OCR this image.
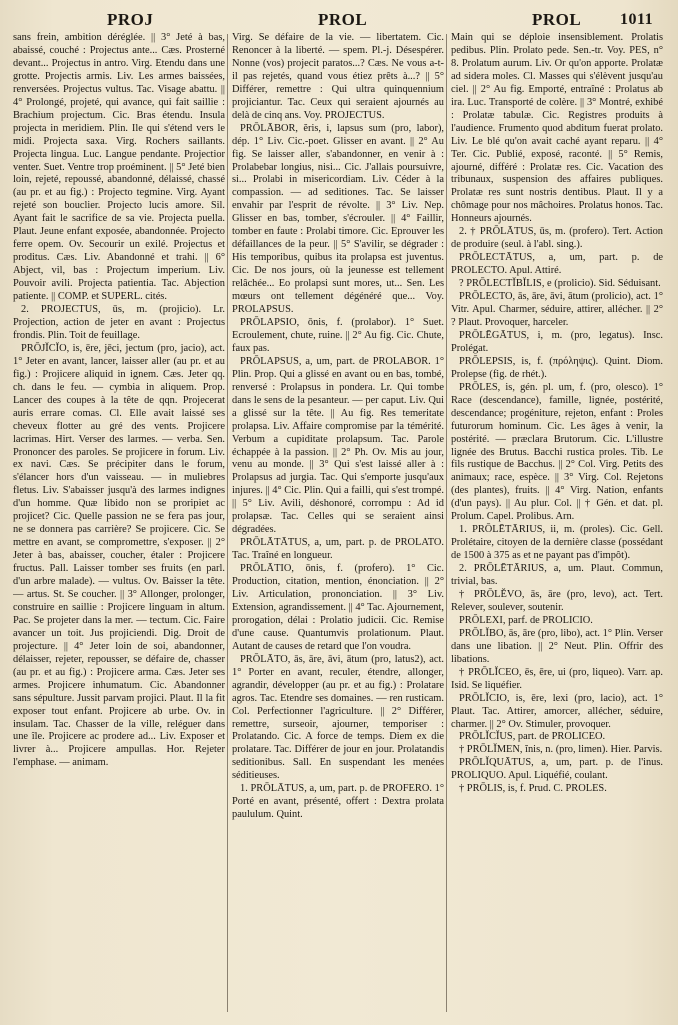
PROJ	PROL	PROL 1011

sans frein, ambition déréglée. || 3° Jeté à bas, abaissé, couché : Projectus ante... Cæs. Prosterné devant... Projectus in antro. Virg. Etendu dans une grotte. Projectis armis. Liv. Les armes baissées, renversées. Projectus vultus. Tac. Visage abattu. || 4° Prolongé, projeté, qui avance, qui fait saillie : Brachium projectum. Cic. Bras étendu. Insula projecta in meridiem. Plin. Ile qui s'étend vers le midi. Projecta saxa. Virg. Rochers saillants. Projecta lingua. Luc. Langue pendante. Projectior venter. Suet. Ventre trop proéminent. || 5° Jeté bien loin, rejeté, repoussé, abandonné, délaissé, chassé (au pr. et au fig.) : Projecto tegmine. Virg. Ayant rejeté son bouclier. Projecto lucis amore. Sil. Ayant fait le sacrifice de sa vie. Projecta puella. Plaut. Jeune enfant exposée, abandonnée. Projecto ferre opem. Ov. Secourir un exilé. Projectus et proditus. Cæs. Liv. Abandonné et trahi. || 6° Abject, vil, bas : Projectum imperium. Liv. Pouvoir avili. Projecta patientia. Tac. Abjection patiente. || COMP. et SUPERL. cités.

2. PROJECTUS, ūs, m. (projicio). Lr. Projection, action de jeter en avant : Projectus frondis. Plin. Toit de feuillage.

PRŌJĬCĬO, is, ēre, jēci, jectum (pro, jacio), act. 1° Jeter en avant, lancer, laisser aller (au pr. et au fig.) : Projicere aliquid in ignem. Cæs. Jeter qq. ch. dans le feu. — cymbia in aliquem. Prop. Lancer des coupes à la tête de qqn. Projecerat auris errare comas. Cl. Elle avait laissé ses cheveux flotter au gré des vents. Projicere lacrimas. Hirt. Verser des larmes. — verba. Sen. Prononcer des paroles. Se projicere in forum. Liv. ex navi. Cæs. Se précipiter dans le forum, s'élancer hors d'un vaisseau. — in muliebres fletus. Liv. S'abaisser jusqu'à des larmes indignes d'un homme. Quæ libido non se proripiet ac projicet? Cic. Quelle passion ne se fera pas jour, ne se donnera pas carrière? Se projicere. Cic. Se mettre en avant, se compromettre, s'exposer. || 2° Jeter à bas, abaisser, coucher, étaler : Projicere fructus. Pall. Laisser tomber ses fruits (en parl. d'un arbre malade). — vultus. Ov. Baisser la tête. — artus. St. Se coucher. || 3° Allonger, prolonger, construire en saillie : Projicere linguam in altum. Pac. Se projeter dans la mer. — tectum. Cic. Faire avancer un toit. Jus projiciendi. Dig. Droit de projecture. || 4° Jeter loin de soi, abandonner, délaisser, rejeter, repousser, se défaire de, chasser (au pr. et au fig.) : Projicere arma. Cæs. Jeter ses armes. Projicere inhumatum. Cic. Abandonner sans sépulture. Jussit parvam projici. Plaut. Il la fit exposer tout enfant. Projicere ab urbe. Ov. in insulam. Tac. Chasser de la ville, reléguer dans une île. Projicere ac prodere ad... Liv. Exposer et livrer à... Projicere ampullas. Hor. Rejeter l'emphase. — animam.

Virg. Se défaire de la vie. — libertatem. Cic. Renoncer à la liberté. — spem. Pl.-j. Désespérer. Nonne (vos) projecit paratos...? Cæs. Ne vous a-t-il pas rejetés, quand vous étiez prêts à...? || 5° Différer, remettre : Qui ultra quinquennium projiciantur. Tac. Ceux qui seraient ajournés au delà de cinq ans. Voy. PROJECTUS.

PRŌLĀBOR, ĕris, i, lapsus sum (pro, labor), dép. 1° Liv. Cic.-poet. Glisser en avant. || 2° Au fig. Se laisser aller, s'abandonner, en venir à : Prolabebar longius, nisi... Cic. J'allais poursuivre, si... Prolabi in misericordiam. Liv. Céder à la compassion. — ad seditiones. Tac. Se laisser envahir par l'esprit de révolte. || 3° Liv. Nep. Glisser en bas, tomber, s'écrouler. || 4° Faillir, tomber en faute : Prolabi timore. Cic. Eprouver les défaillances de la peur. || 5° S'avilir, se dégrader : His temporibus, quibus ita prolapsa est juventus. Cic. De nos jours, où la jeunesse est tellement relâchée... Eo prolapsi sunt mores, ut... Sen. Les mœurs ont tellement dégénéré que... Voy. PROLAPSUS.

PRŌLAPSIO, ōnis, f. (prolabor). 1° Suet. Ecroulement, chute, ruine. || 2° Au fig. Cic. Chute, faux pas.

PRŌLAPSUS, a, um, part. de PROLABOR. 1° Plin. Prop. Qui a glissé en avant ou en bas, tombé, renversé : Prolapsus in pondera. Lr. Qui tombe dans le sens de la pesanteur. — per caput. Liv. Qui a glissé sur la tête. || Au fig. Res temeritate prolapsa. Liv. Affaire compromise par la témérité. Verbum a cupiditate prolapsum. Tac. Parole échappée à la passion. || 2° Ph. Ov. Mis au jour, venu au monde. || 3° Qui s'est laissé aller à : Prolapsus ad jurgia. Tac. Qui s'emporte jusqu'aux injures. || 4° Cic. Plin. Qui a failli, qui s'est trompé. || 5° Liv. Avili, déshonoré, corrompu : Ad id prolapsæ. Tac. Celles qui se seraient ainsi dégradées.

PRŌLĀTĀTUS, a, um, part. p. de PROLATO. Tac. Traîné en longueur.

PRŌLĀTIO, ōnis, f. (profero). 1° Cic. Production, citation, mention, énonciation. || 2° Liv. Articulation, prononciation. || 3° Liv. Extension, agrandissement. || 4° Tac. Ajournement, prorogation, délai : Prolatio judicii. Cic. Remise d'une cause. Quantumvis prolationum. Plaut. Autant de causes de retard que l'on voudra.

PRŌLĀTO, ās, āre, āvi, ātum (pro, latus2), act. 1° Porter en avant, reculer, étendre, allonger, agrandir, développer (au pr. et au fig.) : Prolatare agros. Tac. Etendre ses domaines. — ren rusticam. Col. Perfectionner l'agriculture. || 2° Différer, remettre, surseoir, ajourner, temporiser : Prolatando. Cic. A force de temps. Diem ex die prolatare. Tac. Différer de jour en jour. Prolatandis seditionibus. Sall. En suspendant les menées séditieuses.

1. PRŌLĀTUS, a, um, part. p. de PROFERO. 1° Porté en avant, présenté, offert : Dextra prolata paululum. Quint.

Main qui se déploie insensiblement. Prolatis pedibus. Plin. Prolato pede. Sen.-tr. Voy. PES, n° 8. Prolatum aurum. Liv. Or qu'on apporte. Prolatæ ad sidera moles. Cl. Masses qui s'élèvent jusqu'au ciel. || 2° Au fig. Emporté, entraîné : Prolatus ab ira. Luc. Transporté de colère. || 3° Montré, exhibé : Prolatæ tabulæ. Cic. Registres produits à l'audience. Frumento quod abditum fuerat prolato. Liv. Le blé qu'on avait caché ayant reparu. || 4° Ter. Cic. Publié, exposé, raconté. || 5° Remis, ajourné, différé : Prolatæ res. Cic. Vacation des tribunaux, suspension des affaires publiques. Prolatæ res sunt nostris dentibus. Plaut. Il y a chômage pour nos mâchoires. Prolatus honos. Tac. Honneurs ajournés.

2. † PRŌLĀTUS, ūs, m. (profero). Tert. Action de produire (seul. à l'abl. sing.).

PRŌLECTĀTUS, a, um, part. p. de PROLECTO. Apul. Attiré.

? PRŌLECTĬBĬLIS, e (prolicio). Sid. Séduisant.

PRŌLECTO, ās, āre, āvi, ātum (prolicio), act. 1° Vitr. Apul. Charmer, séduire, attirer, allécher. || 2° ? Plaut. Provoquer, harceler.

PRŌLĒGĀTUS, i, m. (pro, legatus). Insc. Prolégat.

PRŌLEPSIS, is, f. (πρόληψις). Quint. Diom. Prolepse (fig. de rhét.).

PRŌLES, is, gén. pl. um, f. (pro, olesco). 1° Race (descendance), famille, lignée, postérité, descendance; progéniture, rejeton, enfant : Proles futurorum hominum. Cic. Les âges à venir, la postérité. — præclara Brutorum. Cic. L'illustre lignée des Brutus. Bacchi rustica proles. Tib. Le fils rustique de Bacchus. || 2° Col. Virg. Petits des animaux; race, espèce. || 3° Virg. Col. Rejetons (des plantes), fruits. || 4° Virg. Nation, enfants (d'un pays). || Au plur. Col. || † Gén. et dat. pl. Prolum. Capel. Prolibus. Arn.

1. PRŌLĒTĀRIUS, ii, m. (proles). Cic. Gell. Prolétaire, citoyen de la dernière classe (possédant de 1500 à 375 as et ne payant pas d'impôt).

2. PRŌLĒTĀRIUS, a, um. Plaut. Commun, trivial, bas.

† PRŌLĔVO, ās, āre (pro, levo), act. Tert. Relever, soulever, soutenir.

PRŌLEXI, parf. de PROLICIO.

PRŌLĬBO, ās, āre (pro, libo), act. 1° Plin. Verser dans une libation. || 2° Neut. Plin. Offrir des libations.

† PRŌLĬCEO, ēs, ēre, ui (pro, liqueo). Varr. ap. Isid. Se liquéfier.

PRŌLĬCIO, is, ēre, lexi (pro, lacio), act. 1° Plaut. Tac. Attirer, amorcer, allécher, séduire, charmer. || 2° Ov. Stimuler, provoquer.

PRŌLĬCĬUS, part. de PROLICEO.

† PRŌLĬMEN, ĭnis, n. (pro, limen). Hier. Parvis.

PRŌLĬQUĀTUS, a, um, part. p. de l'inus. PROLIQUO. Apul. Liquéfié, coulant.

† PRŌLIS, is, f. Prud. C. PROLES.
